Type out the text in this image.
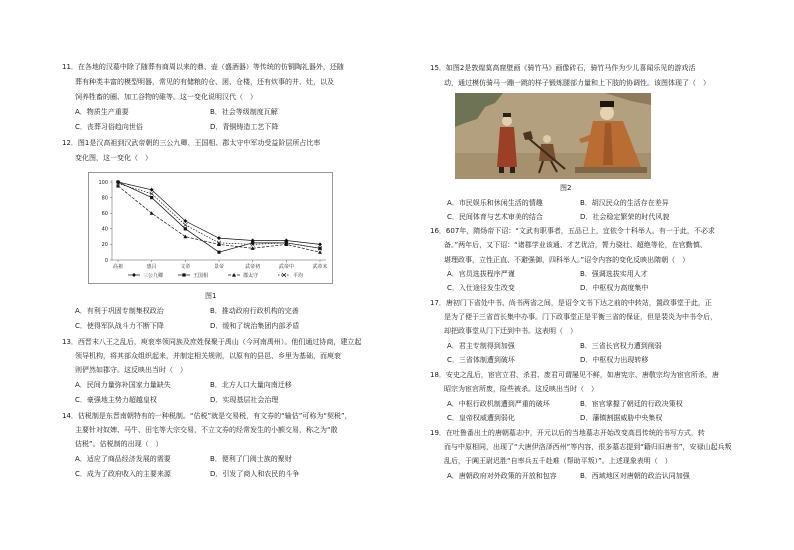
11．在各地的汉墓中除了随葬有商周以来的鼎、壶（盛酒器）等传统的仿铜陶礼器外，还随
葬有种类丰富的模型明器，常见的有储粮的仓、囷、仓楼，还有炊事的井、灶，以及
饲养牲畜的圈、加工谷物的碓等。这一变化说明汉代（　）
A．物质生产重要	B．社会等级制度瓦解
C．丧葬习俗趋向世俗	D．青铜铸造工艺下降
12．图1是汉高祖到汉武帝朝的三公九卿、王国相、郡太守中军功受益阶层所占比率
变化图，这一变化（　）
0
20
40
60
80
100
高祖	惠吕	文帝	景帝	武帝初	武帝中	武帝末
三公九卿	王国相	郡太守	平均
图1
A．有利于巩固专制集权政治	B．推动政府行政机构的完善
C．使得军队战斗力不断下降	D．缓和了统治集团内部矛盾
13．西晋末八王之乱后，庾衮率领同族及庶姓保聚于禹山（今河南禹州）。他们通过协商，建立起
领导机构，将其部众组织起来，并制定相关规则，以原有的县邑、乡里为基础，而庾衮
则俨然如郡守。这反映出当时（　）
A．民间力量弥补国家力量缺失	B．北方人口大量向南迁移
C．豪强地主势力超越皇权	D．实现基层社会治理
14．估税制是东晋南朝特有的一种税制。“估税”就是交易税，有文券的“输估”可称为“契税”，
主要针对奴婢、马牛、田宅等大宗交易，不立文券的经常发生的小额交易，称之为“散
估税”。估税制的出现（　）
A．适应了商品经济发展的需要	B．便利了门阀士族的聚财
C．成为了政府收入的主要来源	D．引发了商人和农民的斗争
15．如图2是敦煌莫高窟壁画《骑竹马》画像砖石，骑竹马作为少儿喜闻乐见的游戏活
动，通过模仿骑马一蹦一跳的样子锻炼腿部力量和上下肢的协调性。该图体现了（　）
图2
A．市民娱乐和休闲生活的情趣	B．胡汉民众的生活存在差异
C．民间体育与艺术审美的结合	D．社会稳定繁荣的时代风貌
16．607年，隋炀帝下诏：“文武有职事者，五品已上，宜依令十科举人。有一于此，不必求
备。”两年后，又下诏：“诸郡学业该通、才艺优洽，膂力骁壮、超绝等伦，在官勤慎、
堪理政事，立性正直、不避强御，四科举人。”诏令内容的变化反映出隋朝（　）
A．官员选拔程序严谨	B．强调选拔实用人才
C．入仕途径发生改变	D．中枢权力高度集中
17．唐初门下省处中书、尚书两省之间，是诏令文书下达之前的中转站，置政事堂于此，正
是为了便于三省首长集中办事。门下政事堂正是平衡三省的保证，但是裴炎为中书令后，
却把政事堂从门下迁到中书。这表明（　）
A．君主专制得到加强	B．三省长官权力遭到削弱
C．三省体制遭到破坏	D．中枢权力出现转移
18．安史之乱后，宦官立君、杀君、废君可谓屡见不鲜，如唐宪宗、唐敬宗均为宦官所杀，唐
昭宗为宦官所废，险些被杀。这反映出当时（　）
A．中枢行政机制遭到严重的破坏	B．宦官掌握了朝廷的行政决策权
C．皇帝权威遭到弱化	D．藩镇割据威胁中央集权
19．在吐鲁番出土的唐朝墓志中，开元以后的当地墓志开始改变高昌传统的书写方式，转
而与中原相同，出现了“大唐伊洛泽西州”等内容，很多墓志提到“籍归旧唐书”，安禄山起兵叛
乱后，于阗王尉迟胜“自率兵五千赴难（帮助平叛）”。上述现象表明（　）
A．唐朝政府对外政策的开放和包容	B．西域地区对唐朝的政治认同加强
